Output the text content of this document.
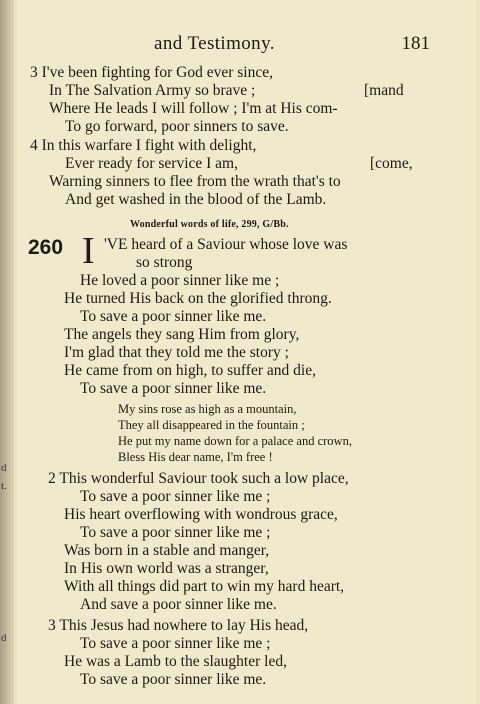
d
t.
d
and Testimony.	181
3 I've been fighting for God ever since,
In The Salvation Army so brave ;	[mand
Where He leads I will follow ; I'm at His com-
To go forward, poor sinners to save.
4 In this warfare I fight with delight,
Ever ready for service I am,	[come,
Warning sinners to flee from the wrath that's to
And get washed in the blood of the Lamb.
Wonderful words of life, 299, G/Bb.
260 I 'VE heard of a Saviour whose love was
so strong
He loved a poor sinner like me ;
He turned His back on the glorified throng.
To save a poor sinner like me.
The angels they sang Him from glory,
I'm glad that they told me the story ;
He came from on high, to suffer and die,
To save a poor sinner like me.
My sins rose as high as a mountain,
They all disappeared in the fountain ;
He put my name down for a palace and crown,
Bless His dear name, I'm free !
2 This wonderful Saviour took such a low place,
To save a poor sinner like me ;
His heart overflowing with wondrous grace,
To save a poor sinner like me ;
Was born in a stable and manger,
In His own world was a stranger,
With all things did part to win my hard heart,
And save a poor sinner like me.
3 This Jesus had nowhere to lay His head,
To save a poor sinner like me ;
He was a Lamb to the slaughter led,
To save a poor sinner like me.
